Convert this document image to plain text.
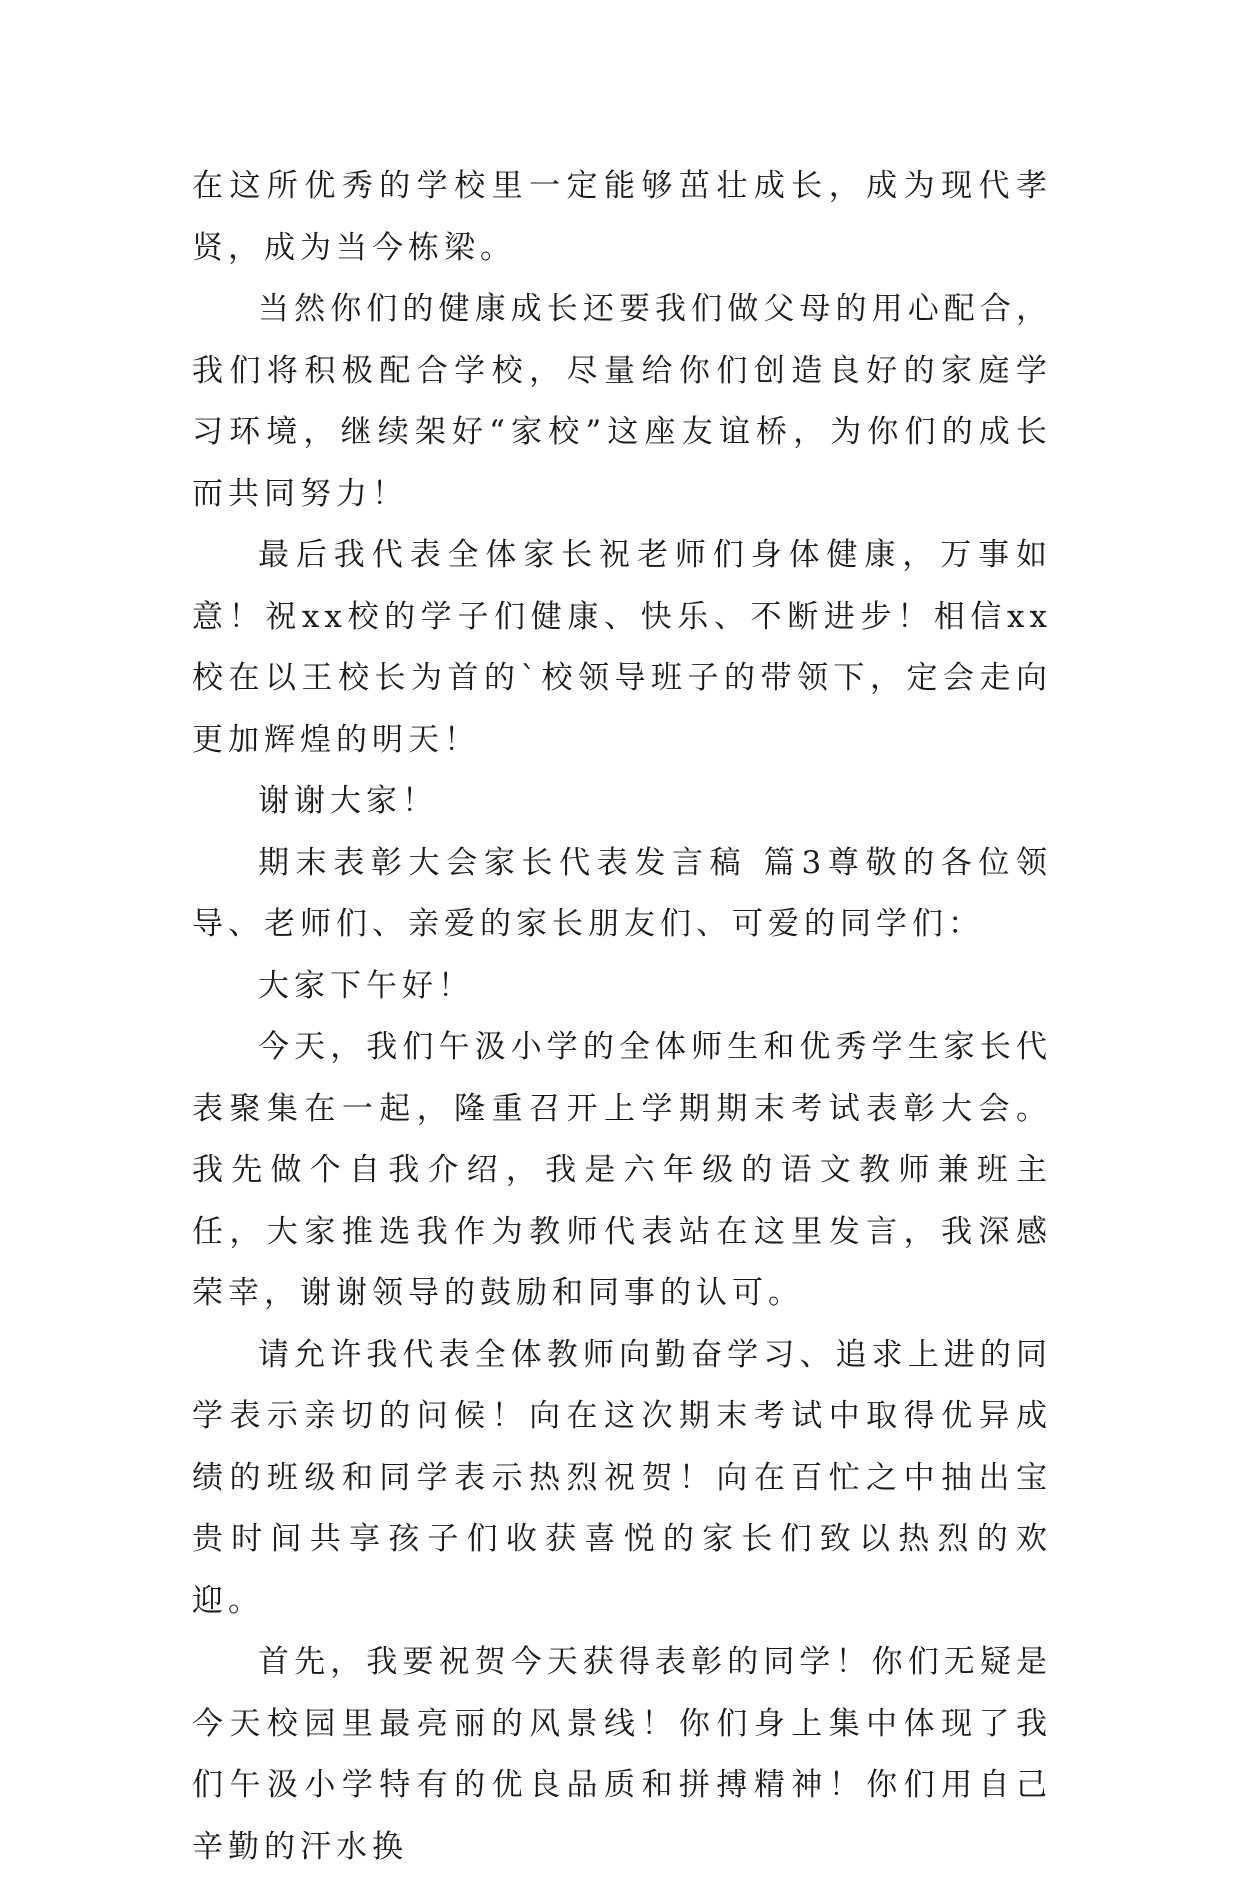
在这所优秀的学校里一定能够茁壮成长，成为现代孝贤，成为当今栋梁。

当然你们的健康成长还要我们做父母的用心配合，我们将积极配合学校，尽量给你们创造良好的家庭学习环境，继续架好“家校”这座友谊桥，为你们的成长而共同努力！

最后我代表全体家长祝老师们身体健康，万事如意！祝xx校的学子们健康、快乐、不断进步！相信xx校在以王校长为首的`校领导班子的带领下，定会走向更加辉煌的明天！

谢谢大家！

期末表彰大会家长代表发言稿 篇3尊敬的各位领导、老师们、亲爱的家长朋友们、可爱的同学们：

大家下午好！

今天，我们午汲小学的全体师生和优秀学生家长代表聚集在一起，隆重召开上学期期末考试表彰大会。我先做个自我介绍，我是六年级的语文教师兼班主任，大家推选我作为教师代表站在这里发言，我深感荣幸，谢谢领导的鼓励和同事的认可。

请允许我代表全体教师向勤奋学习、追求上进的同学表示亲切的问候！向在这次期末考试中取得优异成绩的班级和同学表示热烈祝贺！向在百忙之中抽出宝贵时间共享孩子们收获喜悦的家长们致以热烈的欢迎。

首先，我要祝贺今天获得表彰的同学！你们无疑是今天校园里最亮丽的风景线！你们身上集中体现了我们午汲小学特有的优良品质和拼搏精神！你们用自己辛勤的汗水换
